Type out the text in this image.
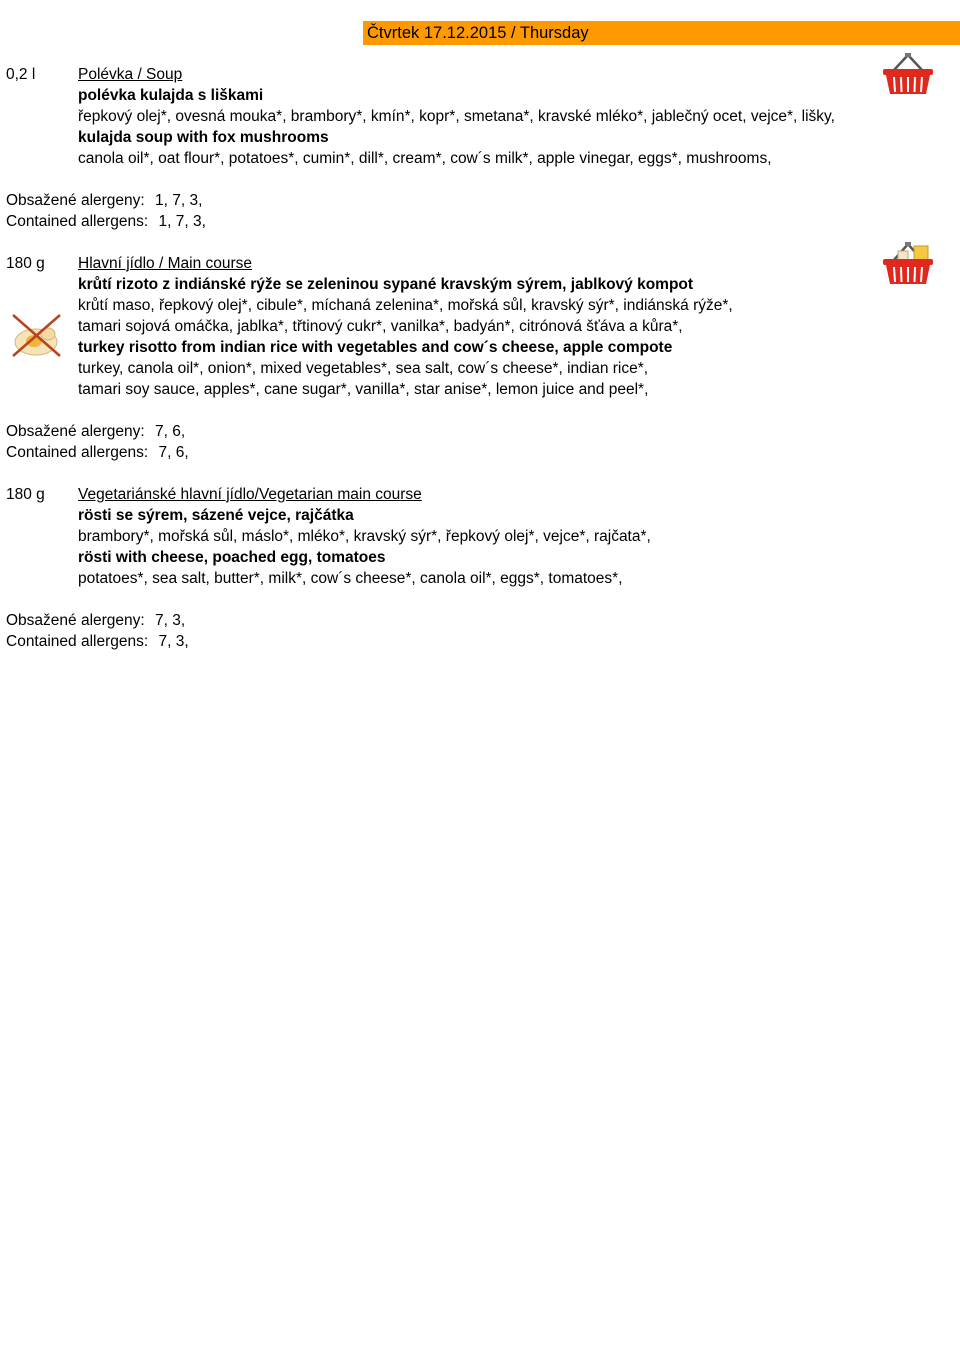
Čtvrtek 17.12.2015 / Thursday
0,2 l	Polévka / Soup
polévka kulajda s liškami
řepkový olej*, ovesná mouka*, brambory*, kmín*, kopr*, smetana*, kravské mléko*, jablečný ocet, vejce*, lišky,
kulajda soup with fox mushrooms
canola oil*, oat flour*, potatoes*, cumin*, dill*, cream*, cow´s milk*, apple vinegar, eggs*, mushrooms,
Obsažené alergeny: 1, 7, 3,
Contained allergens: 1, 7, 3,
180 g Hlavní jídlo / Main course
krůtí rizoto z indiánské rýže se zeleninou sypané kravským sýrem, jablkový kompot
krůtí maso, řepkový olej*, cibule*, míchaná zelenina*, mořská sůl, kravský sýr*, indiánská rýže*,
tamari sojová omáčka, jablka*, třtinový cukr*, vanilka*, badyán*, citrónová šťáva a kůra*,
turkey risotto from indian rice with vegetables and cow´s cheese, apple compote
turkey, canola oil*, onion*, mixed vegetables*, sea salt, cow´s cheese*, indian rice*,
tamari soy sauce, apples*, cane sugar*, vanilla*, star anise*, lemon juice and peel*,
Obsažené alergeny: 7, 6,
Contained allergens: 7, 6,
180 g Vegetariánské hlavní jídlo/Vegetarian main course
rösti se sýrem, sázené vejce, rajčátka
brambory*, mořská sůl, máslo*, mléko*, kravský sýr*, řepkový olej*, vejce*, rajčata*,
rösti with cheese, poached egg, tomatoes
potatoes*, sea salt, butter*, milk*, cow´s cheese*, canola oil*, eggs*, tomatoes*,
Obsažené alergeny: 7, 3,
Contained allergens: 7, 3,
